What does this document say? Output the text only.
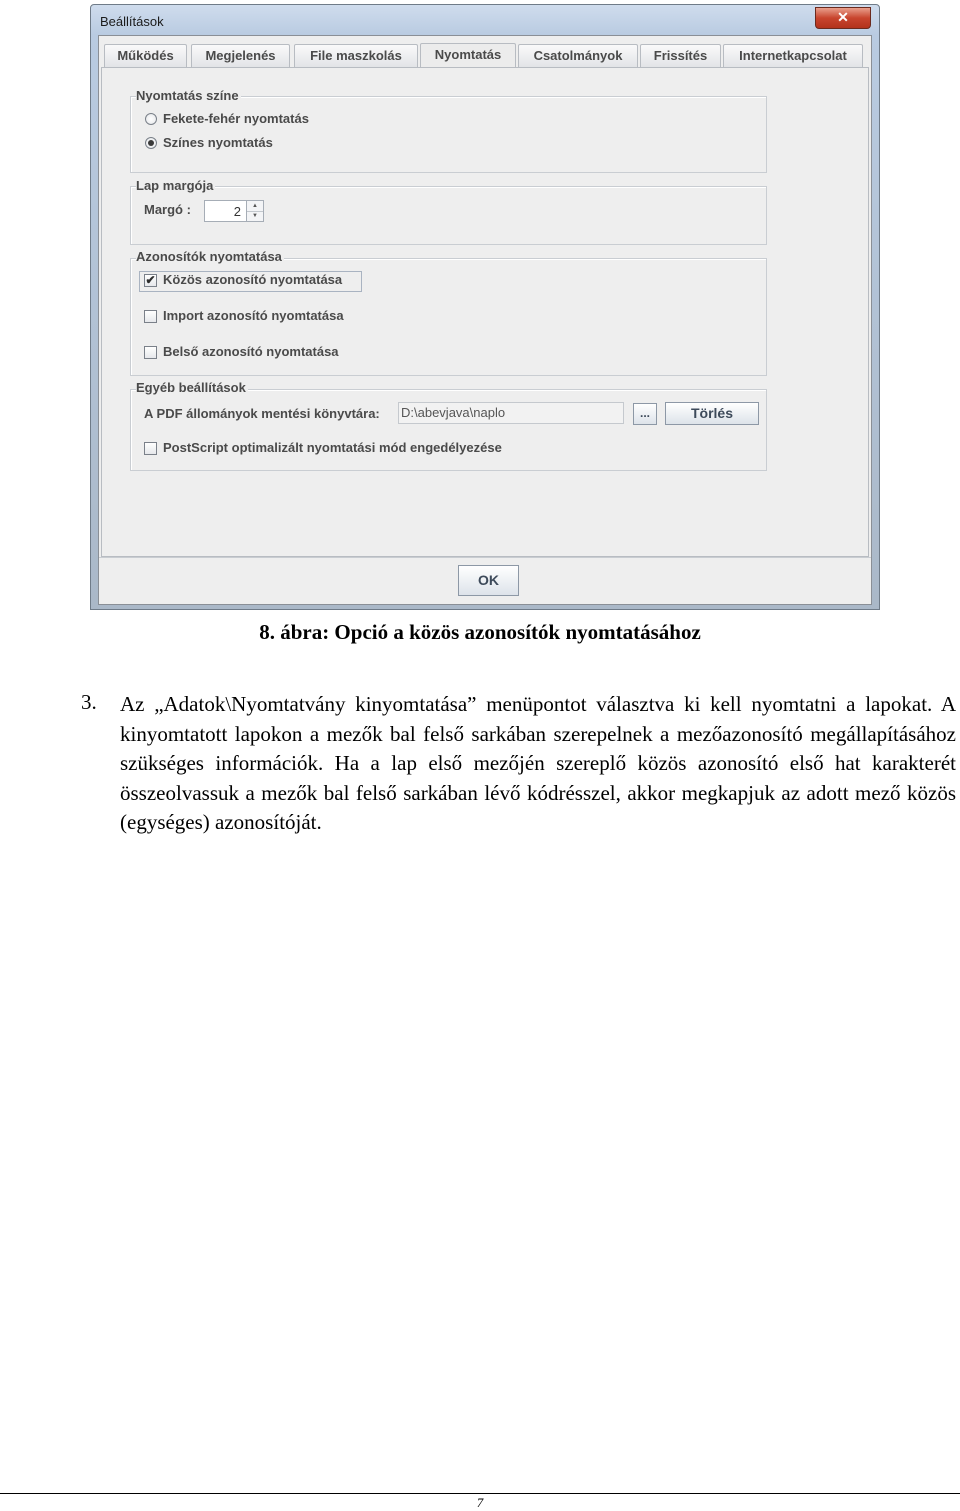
Beállítások	✕
Működés	Megjelenés	File maszkolás	Nyomtatás	Csatolmányok	Frissítés	Internetkapcsolat
Nyomtatás színe
Fekete-fehér nyomtatás
Színes nyomtatás
Lap margója
Margó :	2	▲
▼
Azonosítók nyomtatása
✔ Közös azonosító nyomtatása
Import azonosító nyomtatása
Belső azonosító nyomtatása
Egyéb beállítások
A PDF állományok mentési könyvtára: D:\abevjava\naplo	...	Törlés
PostScript optimalizált nyomtatási mód engedélyezése
OK
8. ábra: Opció a közös azonosítók nyomtatásához
3. Az „Adatok\Nyomtatvány kinyomtatása” menüpontot választva ki kell nyomtatni a lapokat. A kinyomtatott lapokon a mezők bal felső sarkában szerepelnek a mezőazonosító megállapításához szükséges információk. Ha a lap első mezőjén szereplő közös azonosító első hat karakterét összeolvassuk a mezők bal felső sarkában lévő kódrésszel, akkor megkapjuk az adott mező közös (egységes) azonosítóját.

7
